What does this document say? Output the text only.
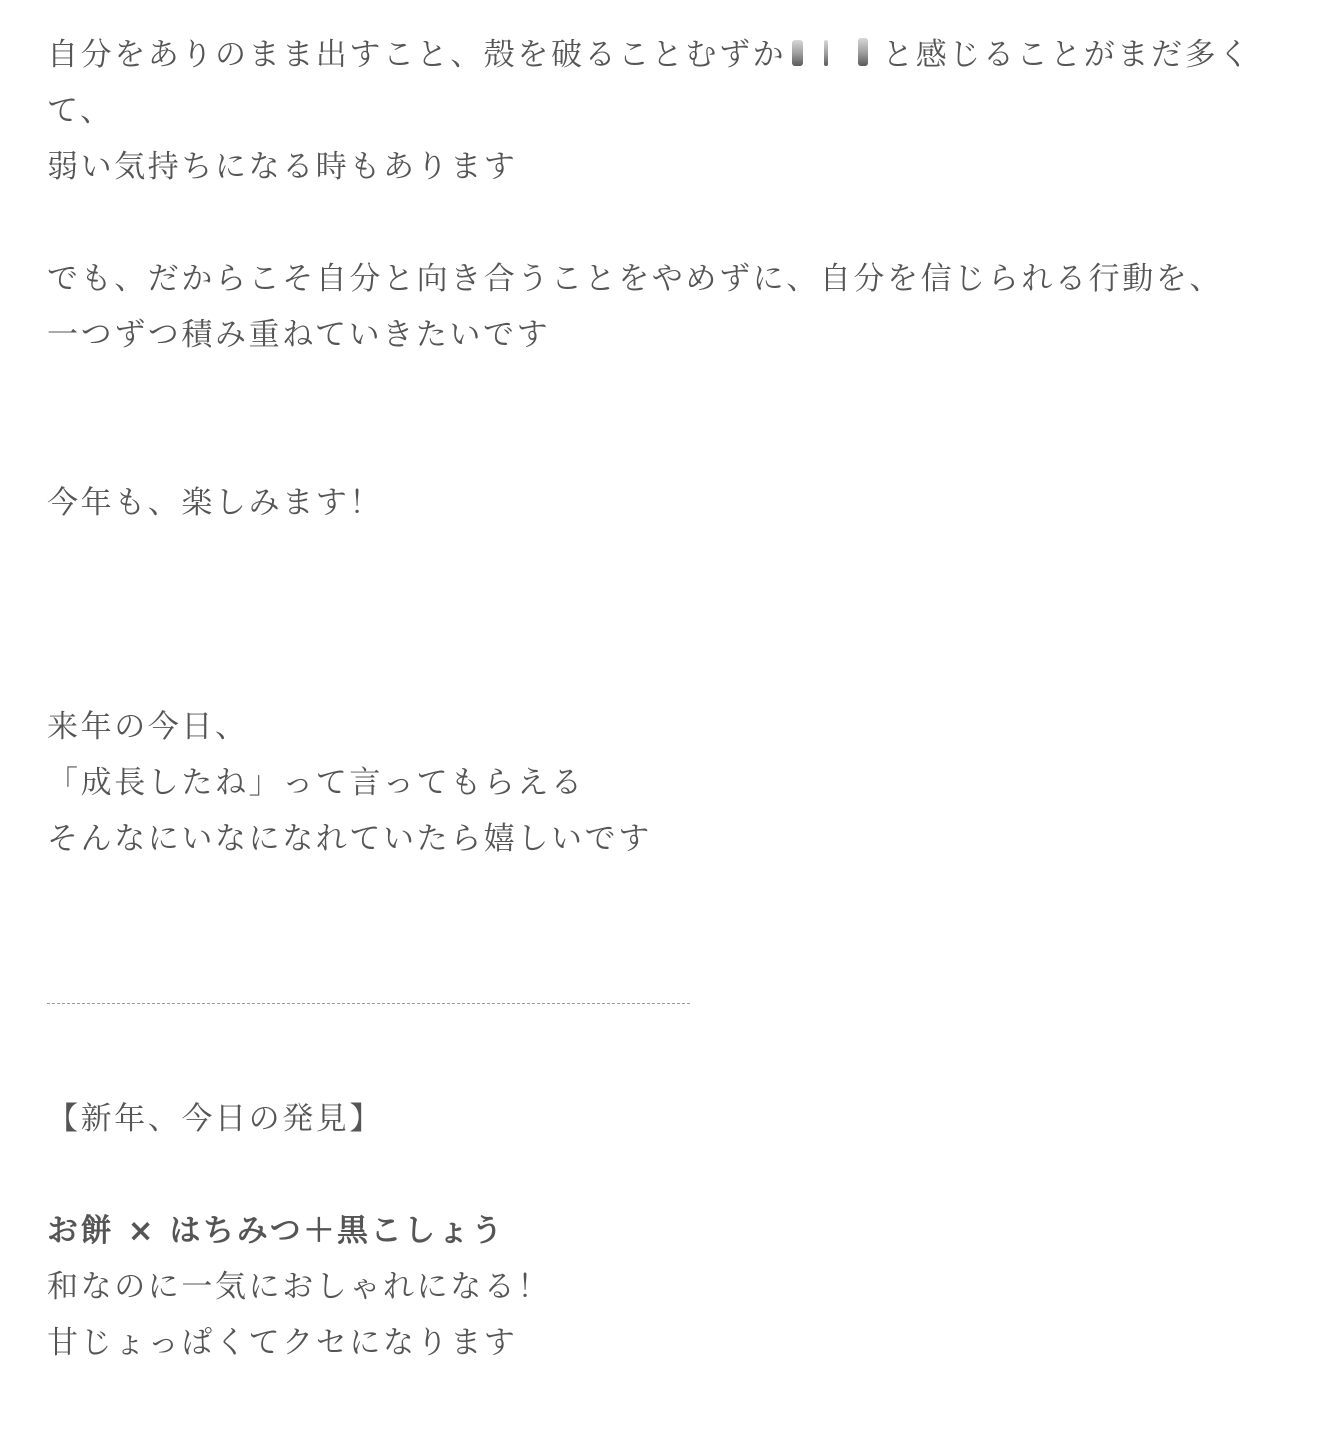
自分をありのまま出すこと、殻を破ることむずか	と感じることがまだ多く
て、
弱い気持ちになる時もあります
でも、だからこそ自分と向き合うことをやめずに、自分を信じられる行動を、
一つずつ積み重ねていきたいです
今年も、楽しみます！
来年の今日、
「成長したね」って言ってもらえる
そんなにいなになれていたら嬉しいです
【新年、今日の発見】
お餅 × はちみつ＋黒こしょう
和なのに一気におしゃれになる！
甘じょっぱくてクセになります
